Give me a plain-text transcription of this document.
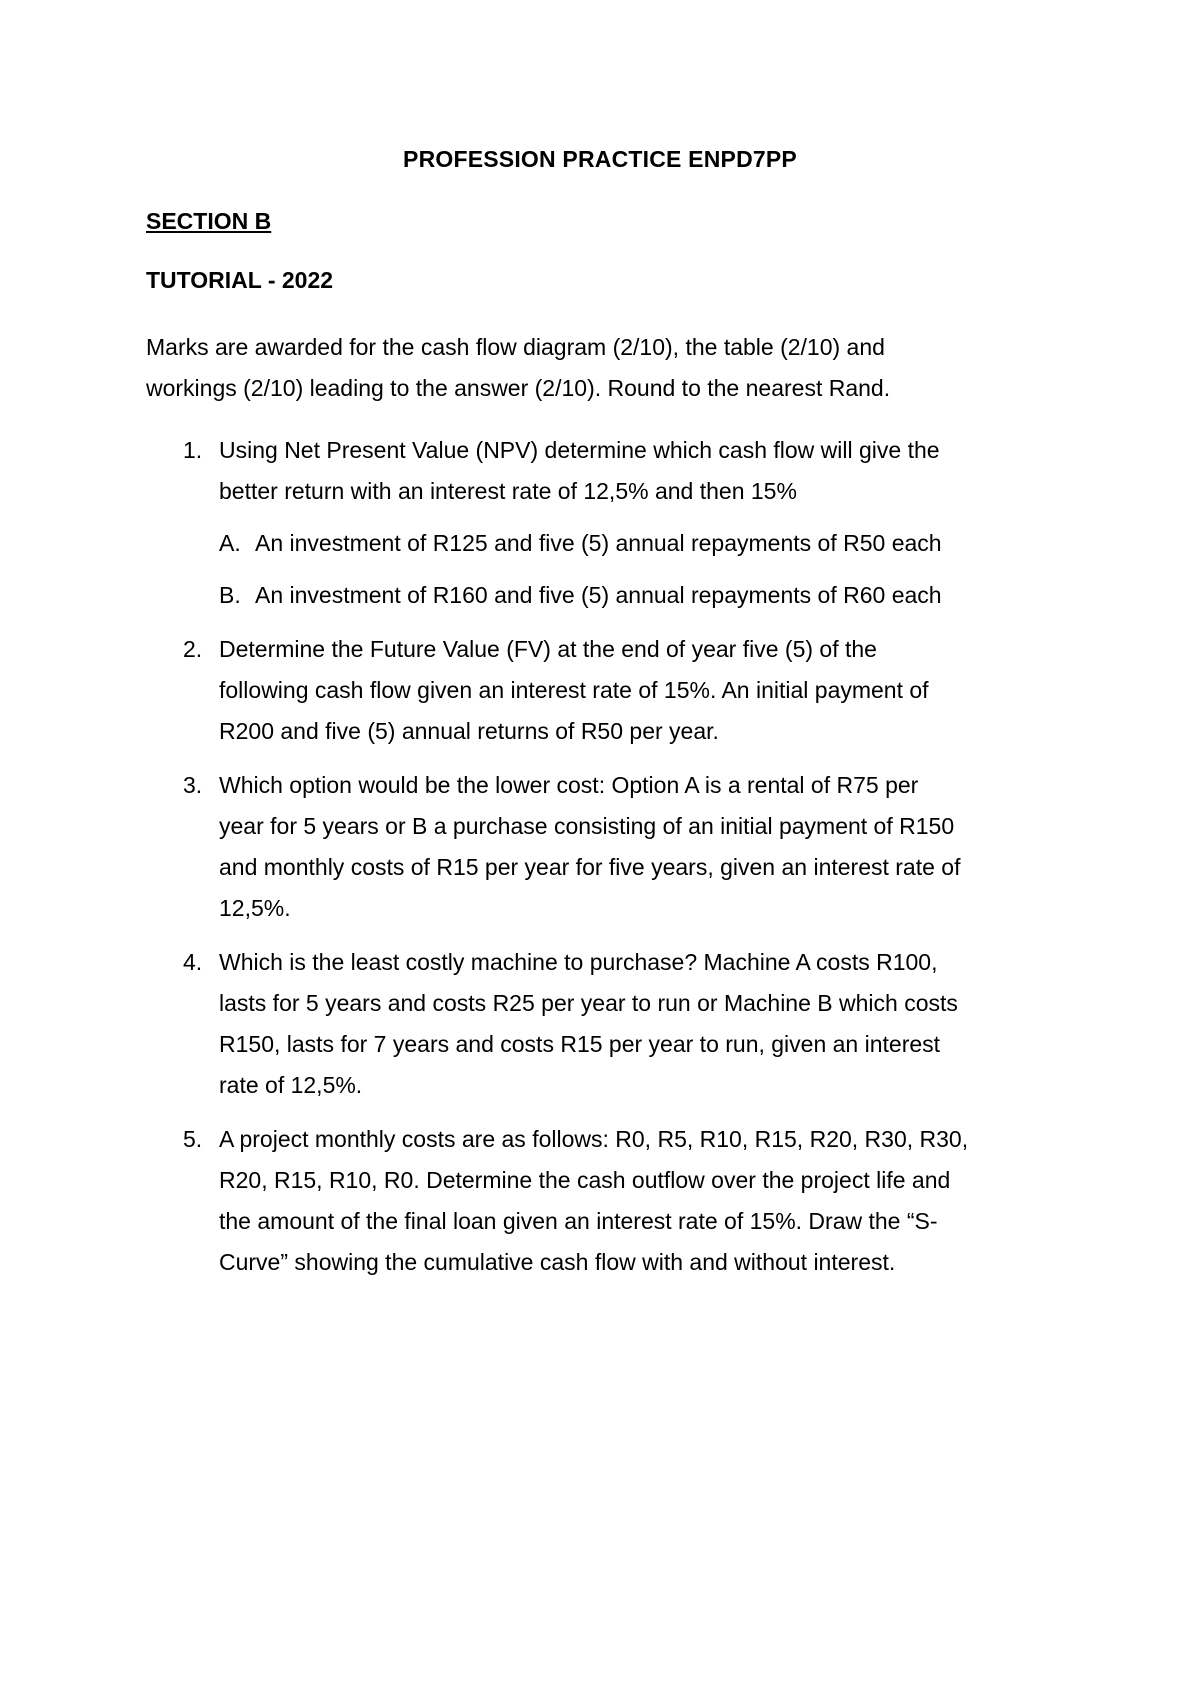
PROFESSION PRACTICE ENPD7PP
SECTION B
TUTORIAL - 2022
Marks are awarded for the cash flow diagram (2/10), the table (2/10) and
workings (2/10) leading to the answer (2/10). Round to the nearest Rand.
1. Using Net Present Value (NPV) determine which cash flow will give the
better return with an interest rate of 12,5% and then 15%
A. An investment of R125 and five (5) annual repayments of R50 each
B. An investment of R160 and five (5) annual repayments of R60 each
2. Determine the Future Value (FV) at the end of year five (5) of the
following cash flow given an interest rate of 15%. An initial payment of
R200 and five (5) annual returns of R50 per year.
3. Which option would be the lower cost: Option A is a rental of R75 per
year for 5 years or B a purchase consisting of an initial payment of R150
and monthly costs of R15 per year for five years, given an interest rate of
12,5%.
4. Which is the least costly machine to purchase? Machine A costs R100,
lasts for 5 years and costs R25 per year to run or Machine B which costs
R150, lasts for 7 years and costs R15 per year to run, given an interest
rate of 12,5%.
5. A project monthly costs are as follows: R0, R5, R10, R15, R20, R30, R30,
R20, R15, R10, R0. Determine the cash outflow over the project life and
the amount of the final loan given an interest rate of 15%. Draw the “S-
Curve” showing the cumulative cash flow with and without interest.
